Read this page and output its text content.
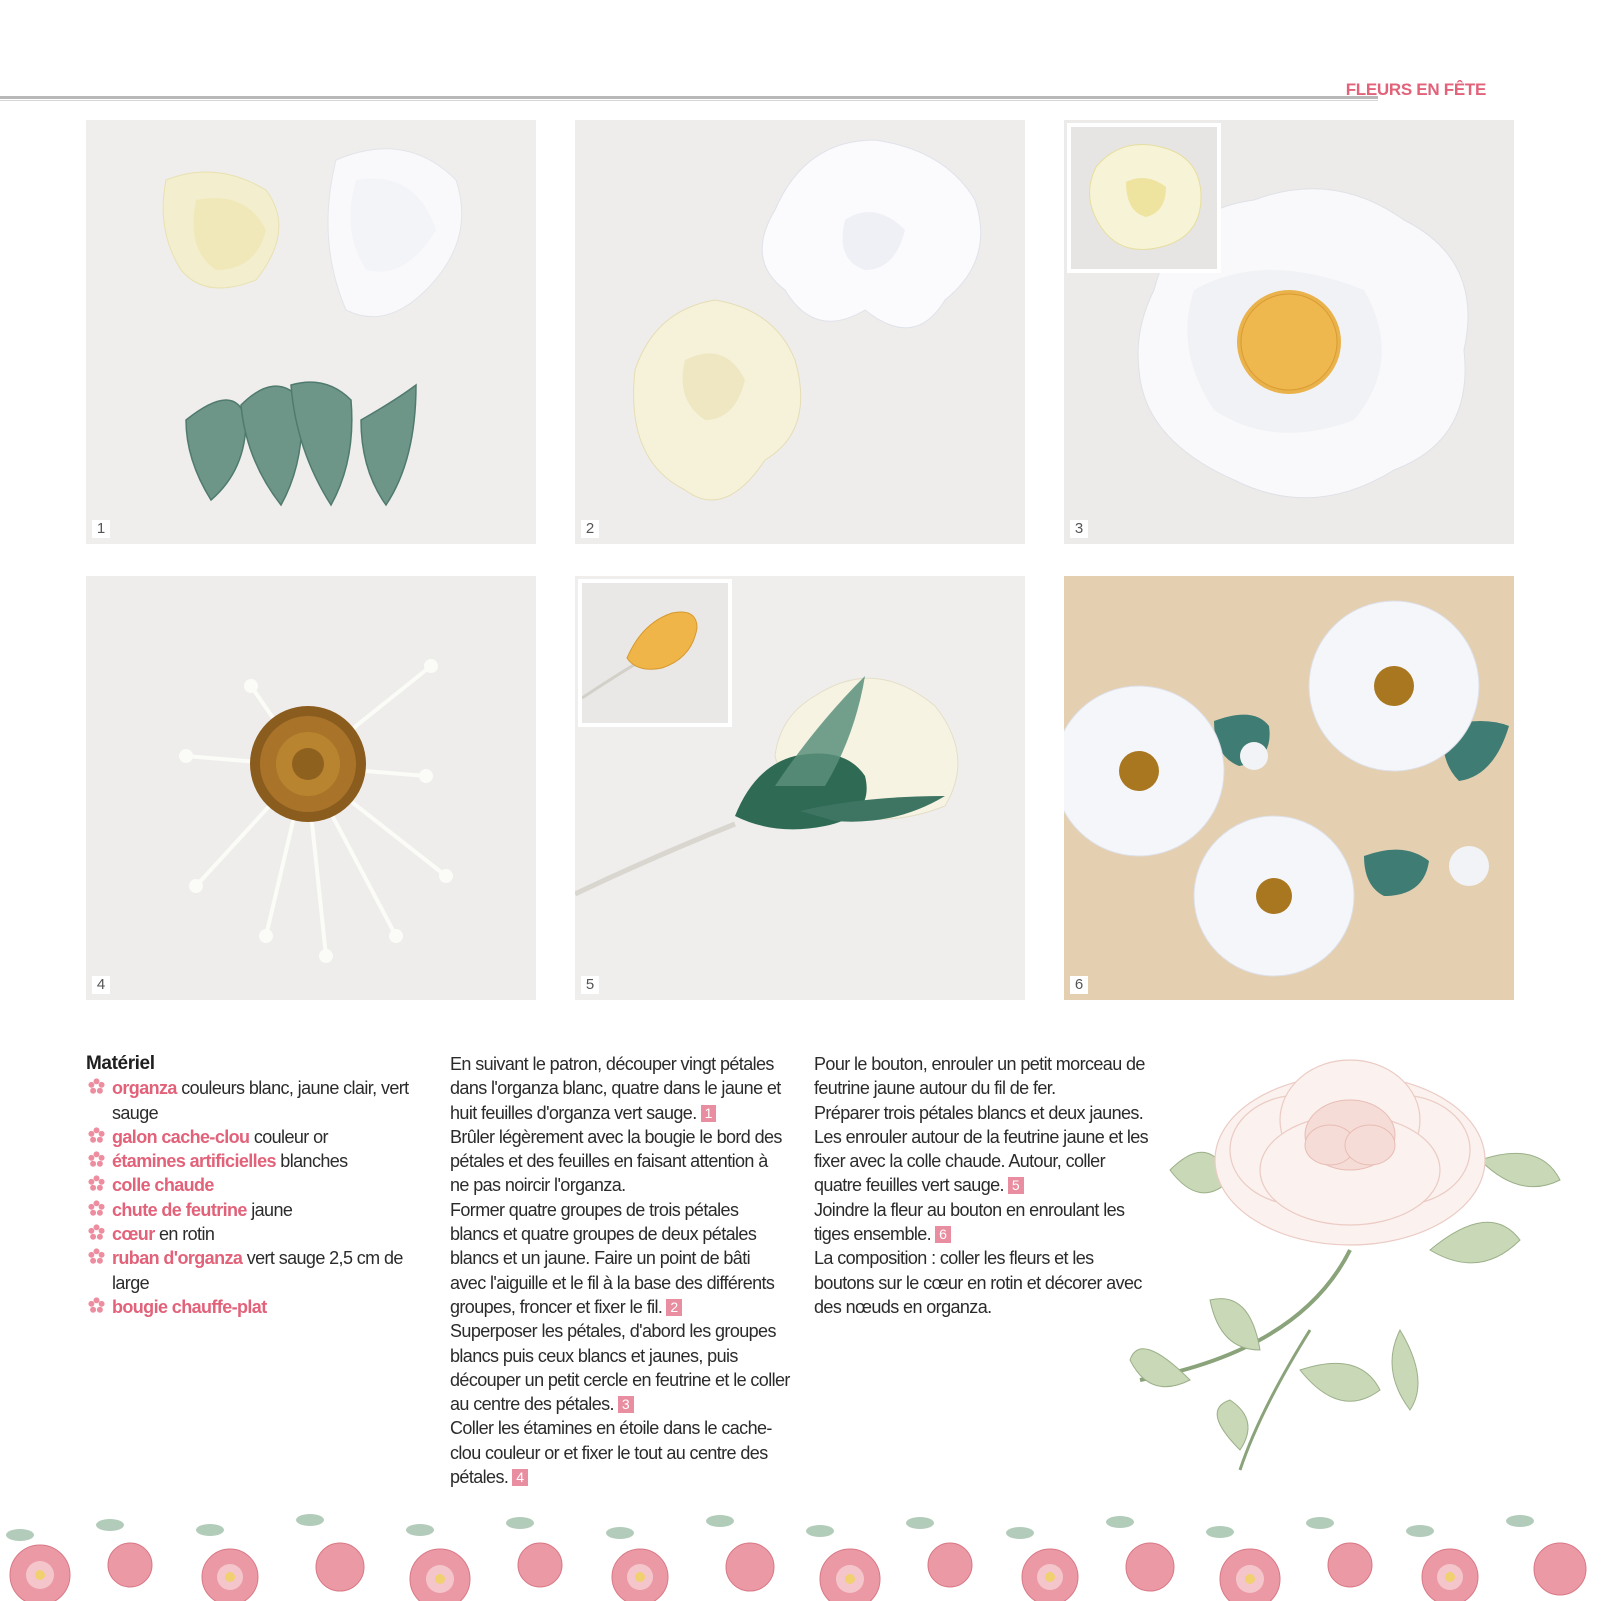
FLEURS EN FÊTE
1	2	3
4	5	6

Matériel

organza couleurs blanc, jaune clair, vert sauge
galon cache-clou couleur or
étamines artificielles blanches
colle chaude
chute de feutrine jaune
cœur en rotin
ruban d'organza vert sauge 2,5 cm de large
bougie chauffe-plat

En suivant le patron, découper vingt pétales dans l'organza blanc, quatre dans le jaune et huit feuilles d'organza vert sauge. 1

Brûler légèrement avec la bougie le bord des pétales et des feuilles en faisant attention à ne pas noircir l'organza.

Former quatre groupes de trois pétales blancs et quatre groupes de deux pétales blancs et un jaune. Faire un point de bâti avec l'aiguille et le fil à la base des différents groupes, froncer et fixer le fil. 2

Superposer les pétales, d'abord les groupes blancs puis ceux blancs et jaunes, puis découper un petit cercle en feutrine et le coller au centre des pétales. 3

Coller les étamines en étoile dans le cache-clou couleur or et fixer le tout au centre des pétales. 4

Pour le bouton, enrouler un petit morceau de feutrine jaune autour du fil de fer.

Préparer trois pétales blancs et deux jaunes. Les enrouler autour de la feutrine jaune et les fixer avec la colle chaude. Autour, coller quatre feuilles vert sauge. 5

Joindre la fleur au bouton en enroulant les tiges ensemble. 6

La composition : coller les fleurs et les boutons sur le cœur en rotin et décorer avec des nœuds en organza.
